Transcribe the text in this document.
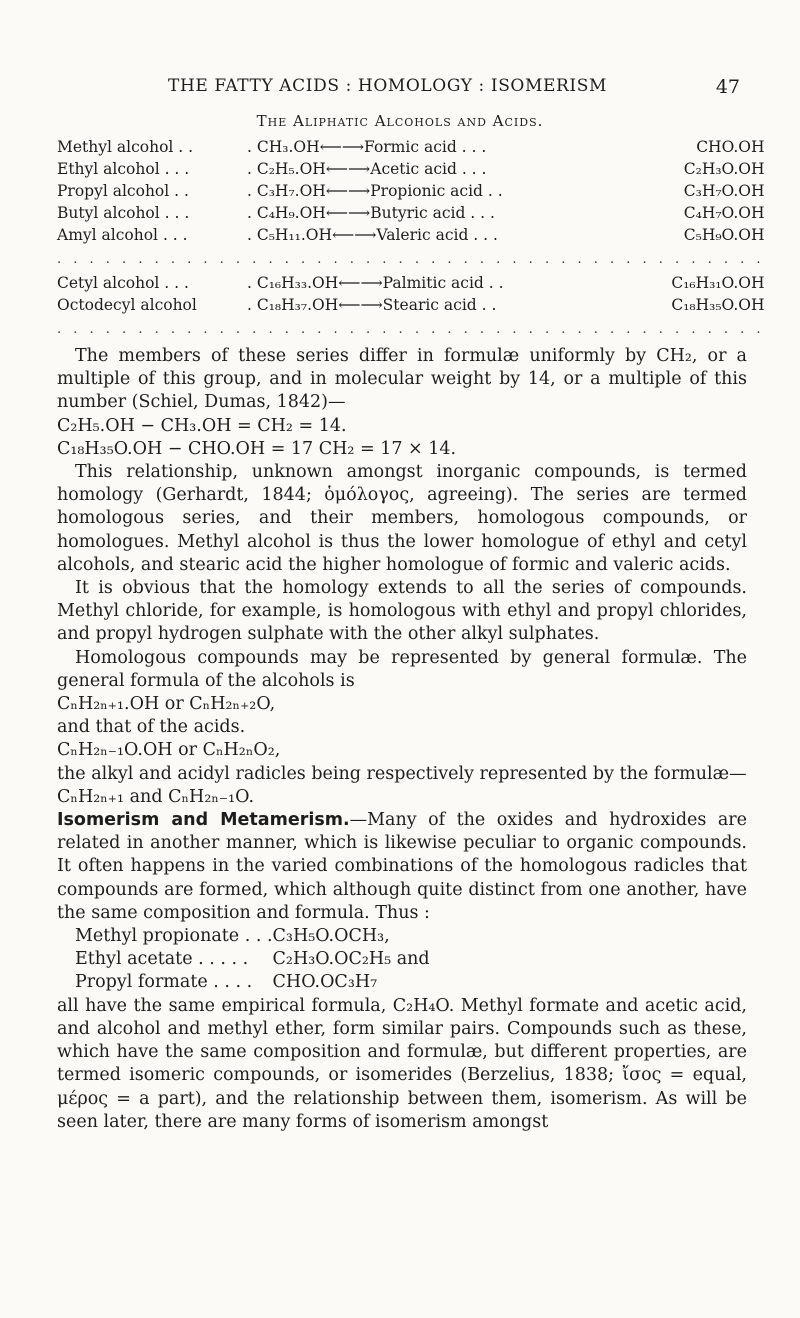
THE FATTY ACIDS : HOMOLOGY : ISOMERISM	47
The Aliphatic Alcohols and Acids.
Methyl alcohol . .	. CH₃.OH⟵⟶Formic acid . . .	CHO.OH
Ethyl alcohol . . .	. C₂H₅.OH⟵⟶Acetic acid . . .	C₂H₃O.OH
Propyl alcohol . .	. C₃H₇.OH⟵⟶Propionic acid . .	C₃H₇O.OH
Butyl alcohol . . .	. C₄H₉.OH⟵⟶Butyric acid . . .	C₄H₇O.OH
Amyl alcohol . . .	. C₅H₁₁.OH⟵⟶Valeric acid . . .	C₅H₉O.OH
. . . . . . . . . . . . . . . . . . . . . . . . . . . . . . . . . . . . . . . . . . . .		
Cetyl alcohol . . .	. C₁₆H₃₃.OH⟵⟶Palmitic acid . .	C₁₆H₃₁O.OH
Octodecyl alcohol	. C₁₈H₃₇.OH⟵⟶Stearic acid . .	C₁₈H₃₅O.OH
. . . . . . . . . . . . . . . . . . . . . . . . . . . . . . . . . . . . . . . . . . . .		

The members of these series differ in formulæ uniformly by CH₂, or a multiple of this group, and in molecular weight by 14, or a multiple of this number (Schiel, Dumas, 1842)—

C₂H₅.OH − CH₃.OH = CH₂ = 14.

C₁₈H₃₅O.OH − CHO.OH = 17 CH₂ = 17 × 14.

This relationship, unknown amongst inorganic compounds, is termed homology (Gerhardt, 1844; ὁμόλογος, agreeing). The series are termed homologous series, and their members, homologous compounds, or homologues. Methyl alcohol is thus the lower homologue of ethyl and cetyl alcohols, and stearic acid the higher homologue of formic and valeric acids.

It is obvious that the homology extends to all the series of compounds. Methyl chloride, for example, is homologous with ethyl and propyl chlorides, and propyl hydrogen sulphate with the other alkyl sulphates.

Homologous compounds may be represented by general formulæ. The general formula of the alcohols is

CₙH₂ₙ₊₁.OH or CₙH₂ₙ₊₂O,

and that of the acids.

CₙH₂ₙ₋₁O.OH or CₙH₂ₙO₂,

the alkyl and acidyl radicles being respectively represented by the formulæ—

CₙH₂ₙ₊₁ and CₙH₂ₙ₋₁O.

Isomerism and Metamerism.—Many of the oxides and hydroxides are related in another manner, which is likewise peculiar to organic compounds. It often happens in the varied combinations of the homologous radicles that compounds are formed, which although quite distinct from one another, have the same composition and formula. Thus :

Methyl propionate . . .	C₃H₅O.OCH₃,
Ethyl acetate . . . . .	C₂H₃O.OC₂H₅ and
Propyl formate . . . .	CHO.OC₃H₇

all have the same empirical formula, C₂H₄O. Methyl formate and acetic acid, and alcohol and methyl ether, form similar pairs. Compounds such as these, which have the same composition and formulæ, but different properties, are termed isomeric compounds, or isomerides (Berzelius, 1838; ἴσος = equal, μέρος = a part), and the relationship between them, isomerism. As will be seen later, there are many forms of isomerism amongst
